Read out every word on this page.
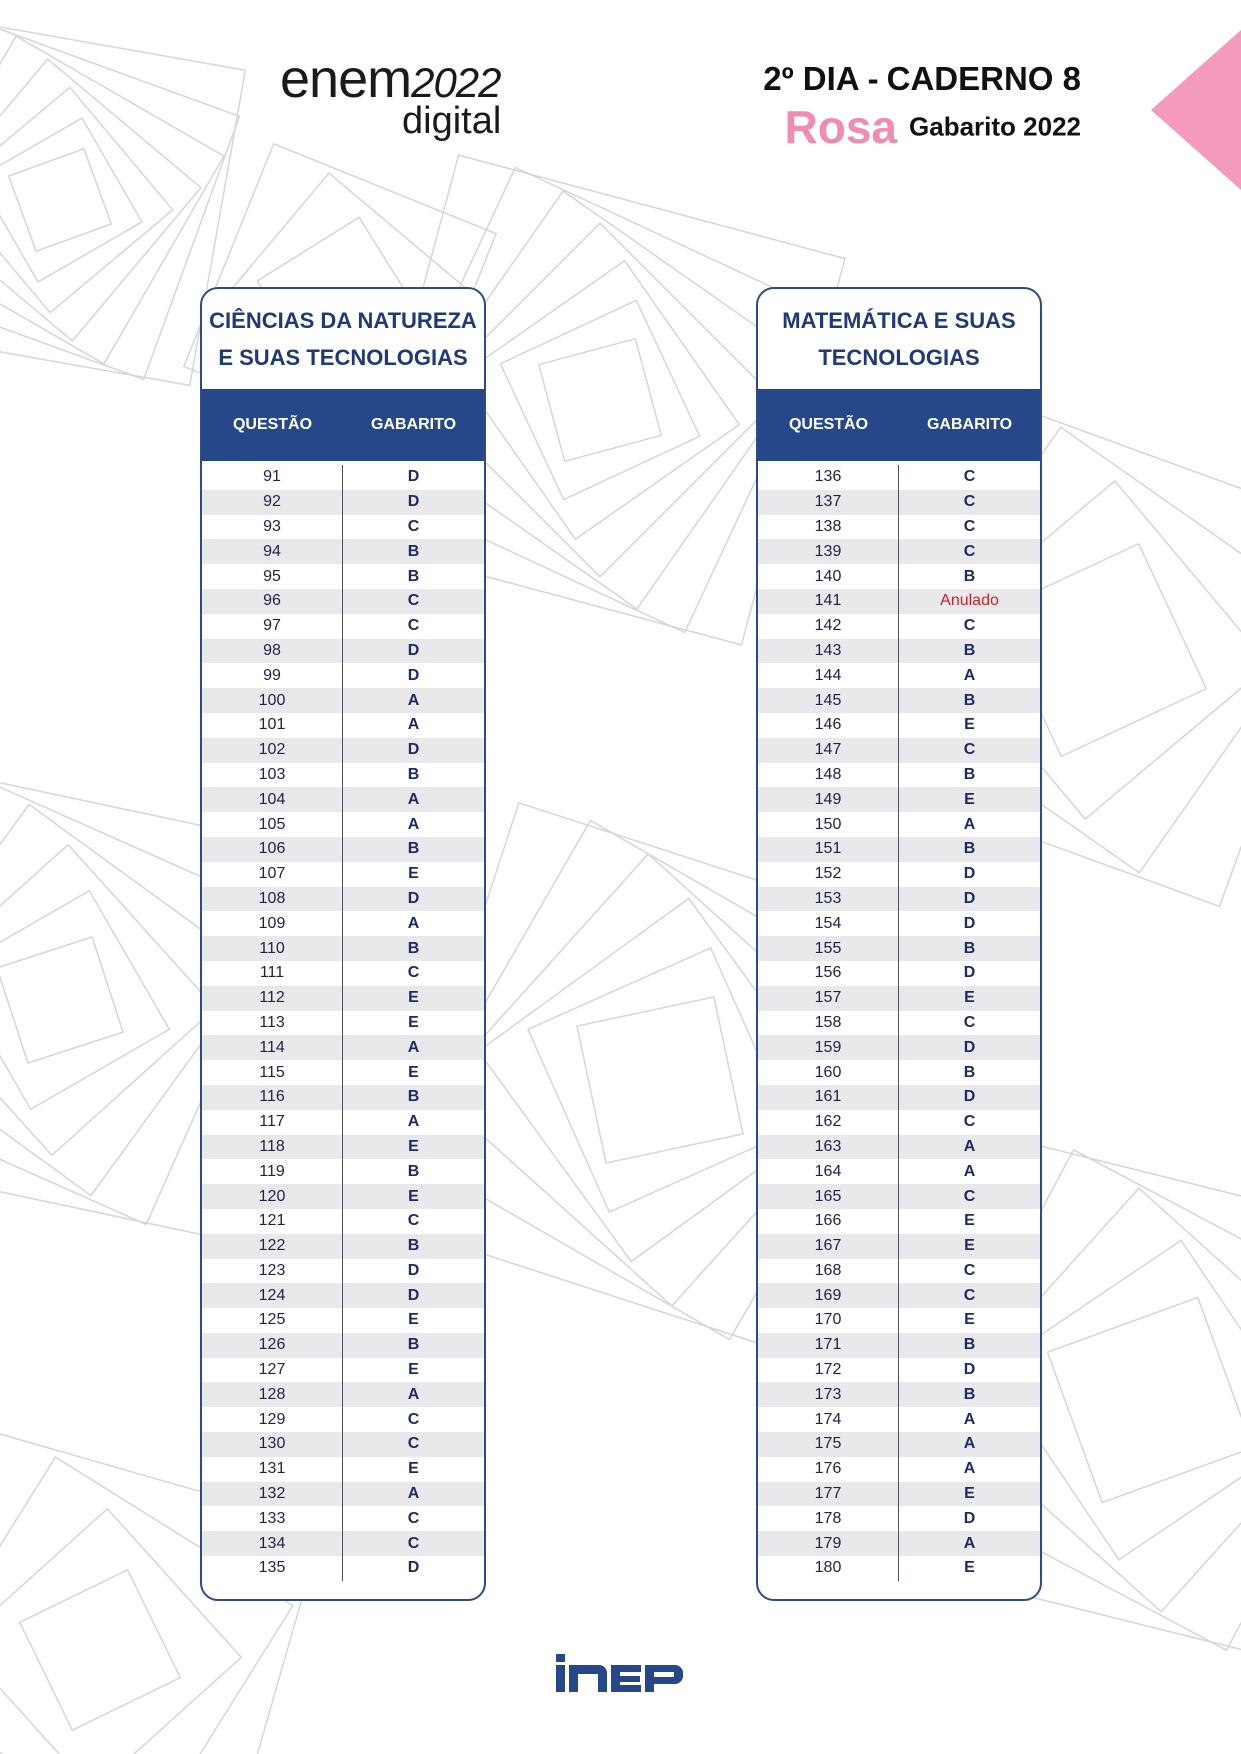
enem2022
digital
2º DIA - CADERNO 8
Rosa Gabarito 2022
CIÊNCIAS DA NATUREZA
E SUAS TECNOLOGIAS
QUESTÃO	GABARITO
91	D
92	D
93	C
94	B
95	B
96	C
97	C
98	D
99	D
100	A
101	A
102	D
103	B
104	A
105	A
106	B
107	E
108	D
109	A
110	B
111	C
112	E
113	E
114	A
115	E
116	B
117	A
118	E
119	B
120	E
121	C
122	B
123	D
124	D
125	E
126	B
127	E
128	A
129	C
130	C
131	E
132	A
133	C
134	C
135	D
MATEMÁTICA E SUAS
TECNOLOGIAS
QUESTÃO	GABARITO
136	C
137	C
138	C
139	C
140	B
141	Anulado
142	C
143	B
144	A
145	B
146	E
147	C
148	B
149	E
150	A
151	B
152	D
153	D
154	D
155	B
156	D
157	E
158	C
159	D
160	B
161	D
162	C
163	A
164	A
165	C
166	E
167	E
168	C
169	C
170	E
171	B
172	D
173	B
174	A
175	A
176	A
177	E
178	D
179	A
180	E
